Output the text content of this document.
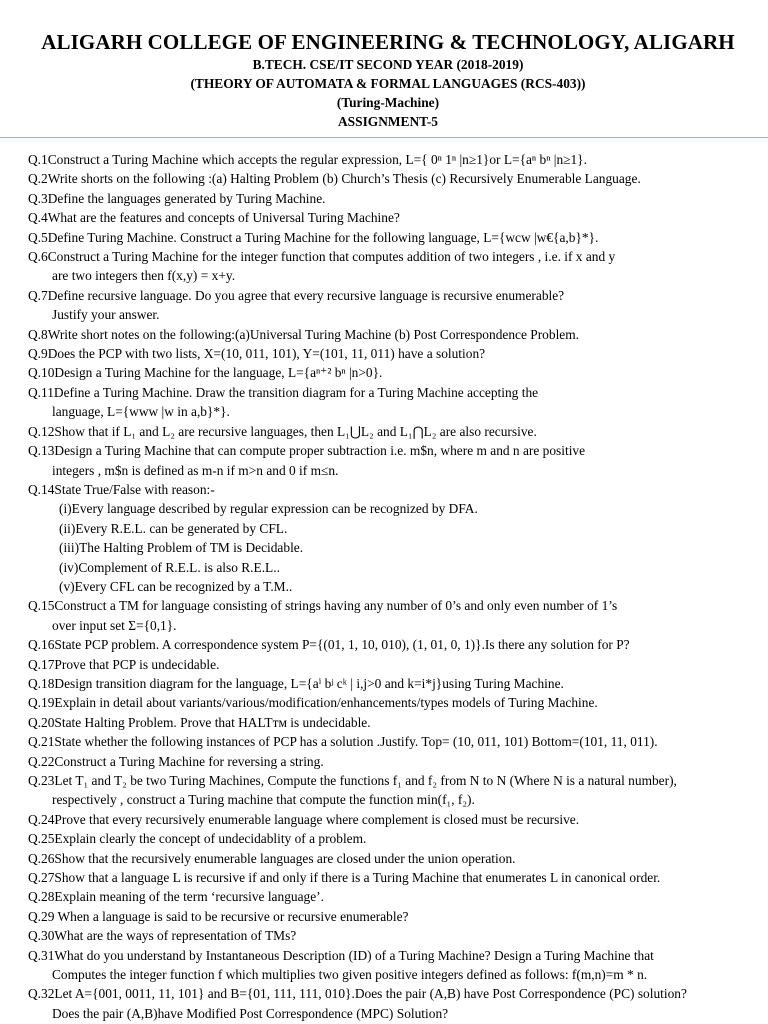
ALIGARH COLLEGE OF ENGINEERING & TECHNOLOGY, ALIGARH
B.TECH. CSE/IT SECOND YEAR (2018-2019)
(THEORY OF AUTOMATA & FORMAL LANGUAGES (RCS-403))
(Turing-Machine)
ASSIGNMENT-5
Q.1Construct a Turing Machine which accepts the regular expression, L={ 0ⁿ 1ⁿ |n≥1}or L={aⁿ bⁿ |n≥1}.
Q.2Write shorts on the following :(a) Halting Problem (b) Church’s Thesis (c) Recursively Enumerable Language.
Q.3Define the languages generated by Turing Machine.
Q.4What are the features and concepts of Universal Turing Machine?
Q.5Define Turing Machine. Construct a Turing Machine for the following language, L={wcw |w€{a,b}*}.
Q.6Construct a Turing Machine for the integer function that computes addition of two integers , i.e. if x and y
are two integers then f(x,y) = x+y.
Q.7Define recursive language. Do you agree that every recursive language is recursive enumerable?
Justify your answer.
Q.8Write short notes on the following:(a)Universal Turing Machine (b) Post Correspondence Problem.
Q.9Does the PCP with two lists, X=(10, 011, 101), Y=(101, 11, 011) have a solution?
Q.10Design a Turing Machine for the language, L={aⁿ⁺² bⁿ |n>0}.
Q.11Define a Turing Machine. Draw the transition diagram for a Turing Machine accepting the
language, L={www |w in a,b}*}.
Q.12Show that if L₁ and L₂ are recursive languages, then L₁⋃L₂ and L₁⋂L₂ are also recursive.
Q.13Design a Turing Machine that can compute proper subtraction i.e. m$n, where m and n are positive
integers , m$n is defined as m-n if m>n and 0 if m≤n.
Q.14State True/False with reason:-
(i)Every language described by regular expression can be recognized by DFA.
(ii)Every R.E.L. can be generated by CFL.
(iii)The Halting Problem of TM is Decidable.
(iv)Complement of R.E.L. is also R.E.L..
(v)Every CFL can be recognized by a T.M..
Q.15Construct a TM for language consisting of strings having any number of 0’s and only even number of 1’s
over input set Σ={0,1}.
Q.16State PCP problem. A correspondence system P={(01, 1, 10, 010), (1, 01, 0, 1)}.Is there any solution for P?
Q.17Prove that PCP is undecidable.
Q.18Design transition diagram for the language, L={aⁱ bʲ cᵏ | i,j>0 and k=i*j}using Turing Machine.
Q.19Explain in detail about variants/various/modification/enhancements/types models of Turing Machine.
Q.20State Halting Problem. Prove that HALTᴛᴍ is undecidable.
Q.21State whether the following instances of PCP has a solution .Justify. Top= (10, 011, 101) Bottom=(101, 11, 011).
Q.22Construct a Turing Machine for reversing a string.
Q.23Let T₁ and T₂ be two Turing Machines, Compute the functions f₁ and f₂ from N to N (Where N is a natural number),
respectively , construct a Turing machine that compute the function min(f₁, f₂).
Q.24Prove that every recursively enumerable language where complement is closed must be recursive.
Q.25Explain clearly the concept of undecidablity of a problem.
Q.26Show that the recursively enumerable languages are closed under the union operation.
Q.27Show that a language L is recursive if and only if there is a Turing Machine that enumerates L in canonical order.
Q.28Explain meaning of the term ‘recursive language’.
Q.29 When a language is said to be recursive or recursive enumerable?
Q.30What are the ways of representation of TMs?
Q.31What do you understand by Instantaneous Description (ID) of a Turing Machine? Design a Turing Machine that
Computes the integer function f which multiplies two given positive integers defined as follows: f(m,n)=m * n.
Q.32Let A={001, 0011, 11, 101} and B={01, 111, 111, 010}.Does the pair (A,B) have Post Correspondence (PC) solution?
Does the pair (A,B)have Modified Post Correspondence (MPC) Solution?
